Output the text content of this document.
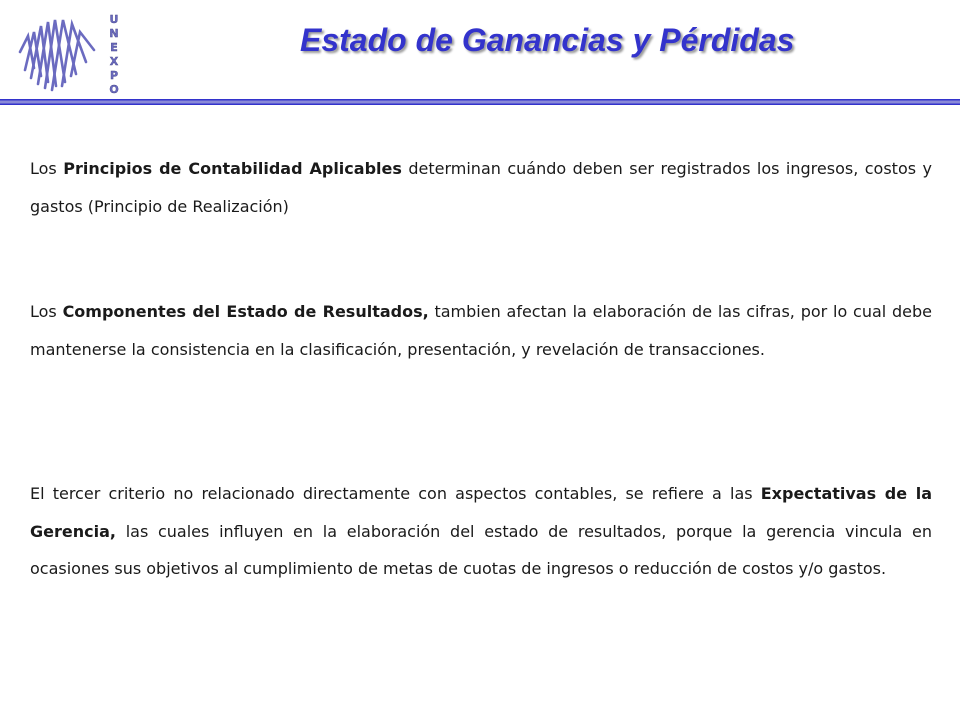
U
N
E
X
P
O
Estado de Ganancias y Pérdidas

Los Principios de Contabilidad Aplicables determinan cuándo deben ser registrados los ingresos, costos y gastos (Principio de Realización)

Los Componentes del Estado de Resultados, tambien afectan la elaboración de las cifras, por lo cual debe mantenerse la consistencia en la clasificación, presentación, y revelación de transacciones.

El tercer criterio no relacionado directamente con aspectos contables, se refiere a las Expectativas de la Gerencia, las cuales influyen en la elaboración del estado de resultados, porque la gerencia vincula en ocasiones sus objetivos al cumplimiento de metas de cuotas de ingresos o reducción de costos y/o gastos.
